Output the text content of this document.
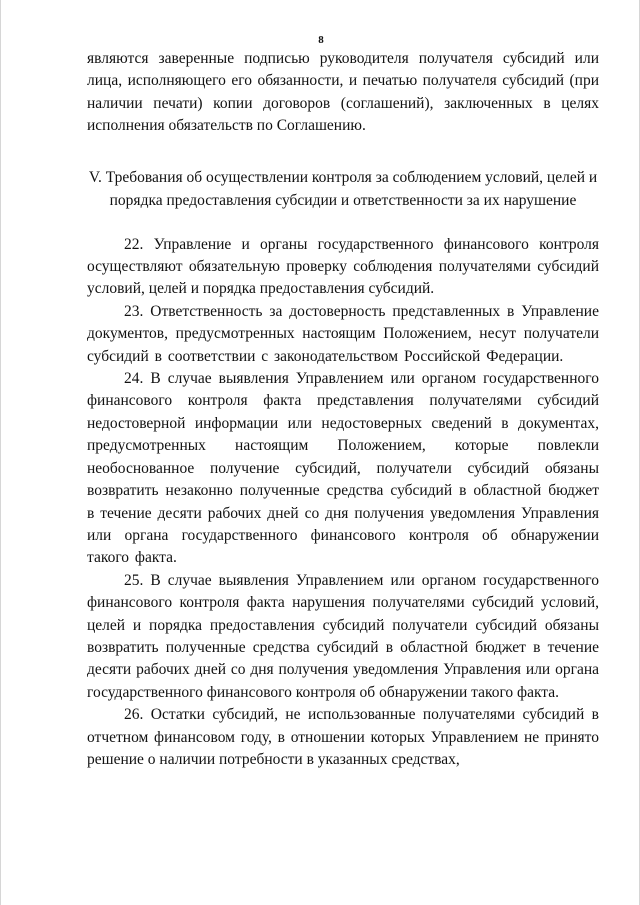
8

являются заверенные подписью руководителя получателя субсидий или лица, исполняющего его обязанности, и печатью получателя субсидий (при наличии печати) копии договоров (соглашений), заключенных в целях исполнения обязательств по Соглашению.

V. Требования об осуществлении контроля за соблюдением условий, целей и порядка предоставления субсидии и ответственности за их нарушение

22. Управление и органы государственного финансового контроля осуществляют обязательную проверку соблюдения получателями субсидий условий, целей и порядка предоставления субсидий.

23. Ответственность за достоверность представленных в Управление документов, предусмотренных настоящим Положением, несут получатели субсидий в соответствии с законодательством Российской Федерации.

24. В случае выявления Управлением или органом государственного финансового контроля факта представления получателями субсидий недостоверной информации или недостоверных сведений в документах, предусмотренных настоящим Положением, которые повлекли необоснованное получение субсидий, получатели субсидий обязаны возвратить незаконно полученные средства субсидий в областной бюджет в течение десяти рабочих дней со дня получения уведомления Управления или органа государственного финансового контроля об обнаружении такого факта.

25. В случае выявления Управлением или органом государственного финансового контроля факта нарушения получателями субсидий условий, целей и порядка предоставления субсидий получатели субсидий обязаны возвратить полученные средства субсидий в областной бюджет в течение десяти рабочих дней со дня получения уведомления Управления или органа государственного финансового контроля об обнаружении такого факта.

26. Остатки субсидий, не использованные получателями субсидий в отчетном финансовом году, в отношении которых Управлением не принято решение о наличии потребности в указанных средствах,
